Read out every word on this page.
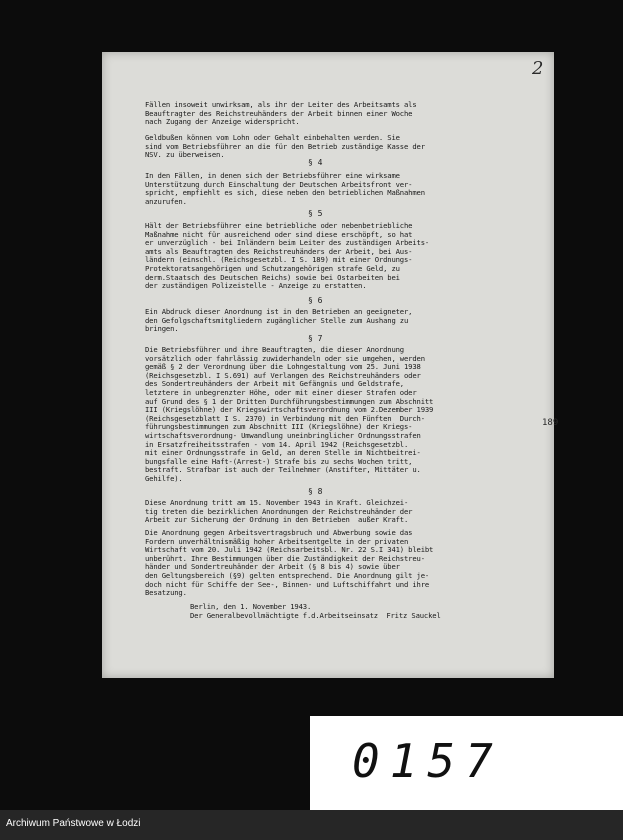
2

Fällen insoweit unwirksam, als ihr der Leiter des Arbeitsamts als
Beauftragter des Reichstreuhänders der Arbeit binnen einer Woche
nach Zugang der Anzeige widerspricht.

Geldbußen können vom Lohn oder Gehalt einbehalten werden. Sie
sind vom Betriebsführer an die für den Betrieb zuständige Kasse der
NSV. zu überweisen.

§ 4

In den Fällen, in denen sich der Betriebsführer eine wirksame
Unterstützung durch Einschaltung der Deutschen Arbeitsfront ver-
spricht, empfiehlt es sich, diese neben den betrieblichen Maßnahmen
anzurufen.

§ 5

Hält der Betriebsführer eine betriebliche oder nebenbetriebliche
Maßnahme nicht für ausreichend oder sind diese erschöpft, so hat
er unverzüglich - bei Inländern beim Leiter des zuständigen Arbeits-
amts als Beauftragten des Reichstreuhänders der Arbeit, bei Aus-
ländern (einschl. (Reichsgesetzbl. I S. 189) mit einer Ordnungs-
Protektoratsangehörigen und Schutzangehörigen strafe Geld, zu
derm.Staatsch des Deutschen Reichs) sowie bei Ostarbeiten bei
der zuständigen Polizeistelle - Anzeige zu erstatten.

§ 6

Ein Abdruck dieser Anordnung ist in den Betrieben an geeigneter,
den Gefolgschaftsmitgliedern zugänglicher Stelle zum Aushang zu
bringen.

§ 7

Die Betriebsführer und ihre Beauftragten, die dieser Anordnung
vorsätzlich oder fahrlässig zuwiderhandeln oder sie umgehen, werden
gemäß § 2 der Verordnung über die Lohngestaltung vom 25. Juni 1938
(Reichsgesetzbl. I S.691) auf Verlangen des Reichstreuhänders oder
des Sondertreuhänders der Arbeit mit Gefängnis und Geldstrafe,
letztere in unbegrenzter Höhe, oder mit einer dieser Strafen oder
auf Grund des § 1 der Dritten Durchführungsbestimmungen zum Abschnitt
III (Kriegslöhne) der Kriegswirtschaftsverordnung vom 2.Dezember 1939
(Reichsgesetzblatt I S. 2370) in Verbindung mit den Fünften  Durch-
führungsbestimmungen zum Abschnitt III (Kriegslöhne) der Kriegs-
wirtschaftsverordnung- Umwandlung uneinbringlicher Ordnungsstrafen
in Ersatzfreiheitsstrafen - vom 14. April 1942 (Reichsgesetzbl.
mit einer Ordnungsstrafe in Geld, an deren Stelle im Nichtbeitrei-
bungsfalle eine Haft-(Arrest-) Strafe bis zu sechs Wochen tritt,
bestraft. Strafbar ist auch der Teilnehmer (Anstifter, Mittäter u.
Gehilfe).

§ 8

Diese Anordnung tritt am 15. November 1943 in Kraft. Gleichzei-
tig treten die bezirklichen Anordnungen der Reichstreuhänder der
Arbeit zur Sicherung der Ordnung in den Betrieben  außer Kraft.

Die Anordnung gegen Arbeitsvertragsbruch und Abwerbung sowie das
Fordern unverhältnismäßig hoher Arbeitsentgelte in der privaten
Wirtschaft vom 20. Juli 1942 (Reichsarbeitsbl. Nr. 22 S.I 341) bleibt
unberührt. Ihre Bestimmungen über die Zuständigkeit der Reichstreu-
händer und Sondertreuhänder der Arbeit (§ 8 bis 4) sowie über
den Geltungsbereich (§9) gelten entsprechend. Die Anordnung gilt je-
doch nicht für Schiffe der See-, Binnen- und Luftschiffahrt und ihre
Besatzung.

Berlin, den 1. November 1943.
Der Generalbevollmächtigte f.d.Arbeitseinsatz  Fritz Sauckel

189
0157
Archiwum Państwowe w Łodzi
